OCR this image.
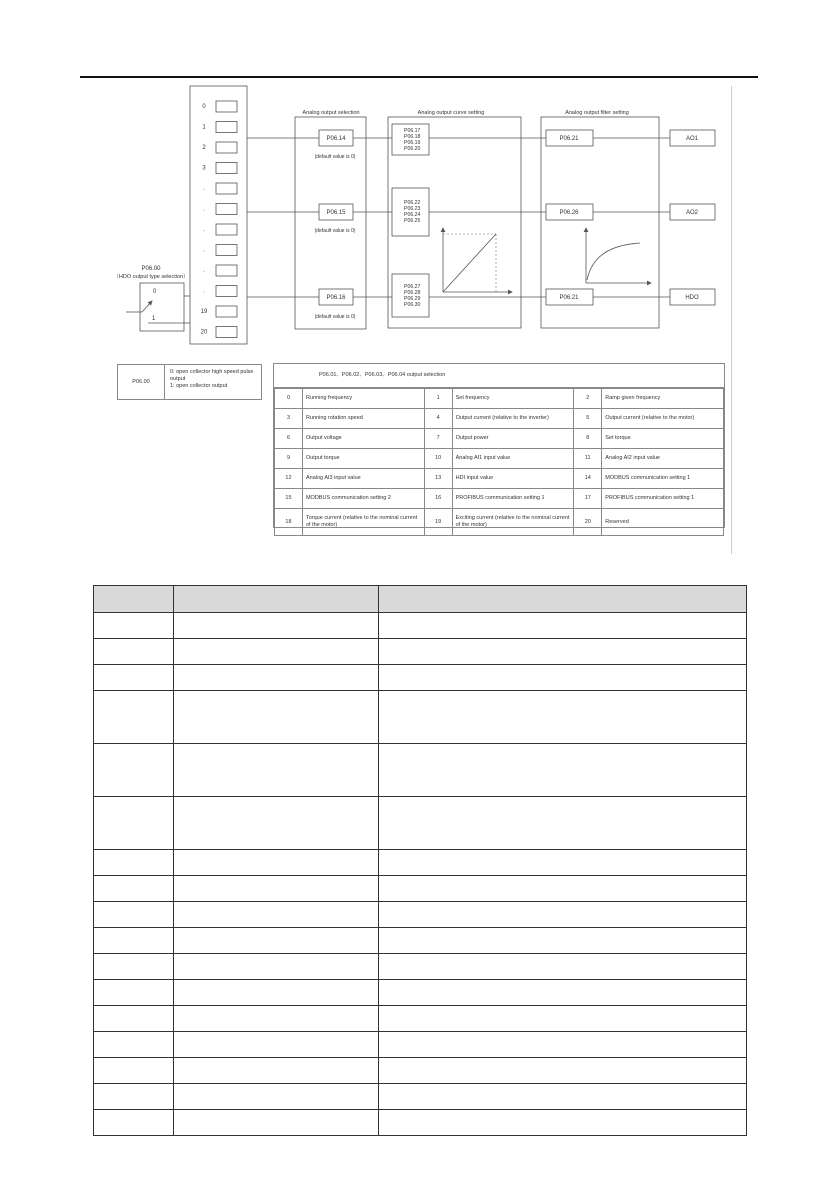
P06.00
（HDO output type selection）
0
1
0
1
2
3
.
.
.
.
.
.
19
20
Analog output selection	Analog output curve setting	Analog output filter setting
P06.14
(default value is 0)
P06.17
P06.18
P06.19
P06.20
P06.21	AO1
P06.15
(default value is 0)
P06.22
P06.23
P06.24
P06.25
P06.26	AO2
P06.16
(default value is 0)
P06.27
P06.28
P06.29
P06.30
P06.21	HDO
P06.00
0: open collector high speed pulse
output
1: open collector output
P06.01、P06.02、P06.03、P06.04 output selection
0	Running frequency	1	Set frequency	2	Ramp given frequency
3	Running rotation speed	4	Output current (relative to the inverter)	5	Output current (relative to the motor)
6	Output voltage	7	Output power	8	Set torque
9	Output torque	10	Analog AI1 input value	11	Analog AI2 input value
12	Analog AI3 input value	13	HDI input value	14	MODBUS communication setting 1
15	MODBUS communication setting 2	16	PROFIBUS communication setting 1	17	PROFIBUS communication setting 1
18	Torque current (relative to the nominal current of the motor)	19	Exciting current (relative to the nominal current of the motor)	20	Reserved
